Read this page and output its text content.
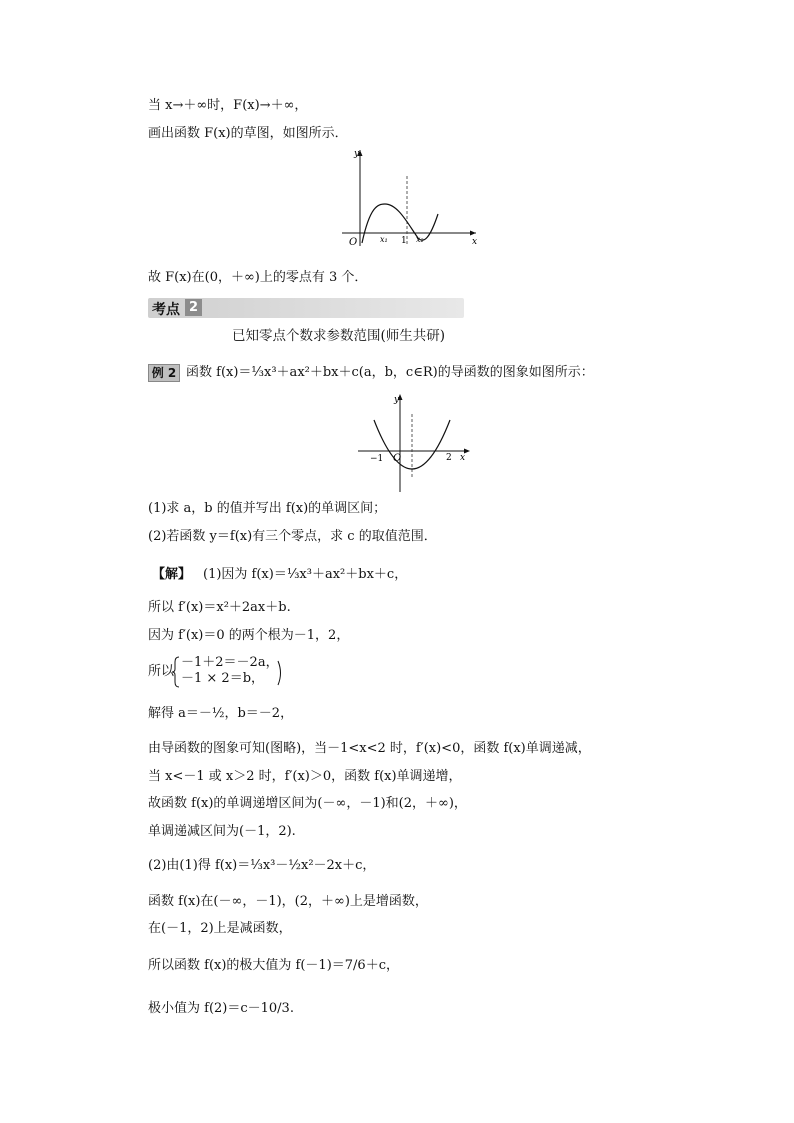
当 x→＋∞时，F(x)→＋∞，
画出函数 F(x)的草图，如图所示．
y
x
O	x₁ 1 x₂
故 F(x)在(0，＋∞)上的零点有 3 个．
考点 2
已知零点个数求参数范围(师生共研)
例 2 函数 f(x)＝⅓x³＋ax²＋bx＋c(a，b，c∈R)的导函数的图象如图所示：
y
x
−1 O	2
(1)求 a，b 的值并写出 f(x)的单调区间；
(2)若函数 y＝f(x)有三个零点，求 c 的取值范围．
【解】 (1)因为 f(x)＝⅓x³＋ax²＋bx＋c，
所以 f′(x)＝x²＋2ax＋b.
因为 f′(x)＝0 的两个根为－1，2，
所以
－1＋2＝－2a，
－1 × 2＝b，
解得 a＝－½，b＝－2，
由导函数的图象可知(图略)，当－1<x<2 时，f′(x)<0，函数 f(x)单调递减，
当 x<－1 或 x＞2 时，f′(x)＞0，函数 f(x)单调递增，
故函数 f(x)的单调递增区间为(－∞，－1)和(2，＋∞)，
单调递减区间为(－1，2).
(2)由(1)得 f(x)＝⅓x³－½x²－2x＋c，
函数 f(x)在(－∞，－1)，(2，＋∞)上是增函数，
在(－1，2)上是减函数，
所以函数 f(x)的极大值为 f(－1)＝7/6＋c，
极小值为 f(2)＝c－10/3.
